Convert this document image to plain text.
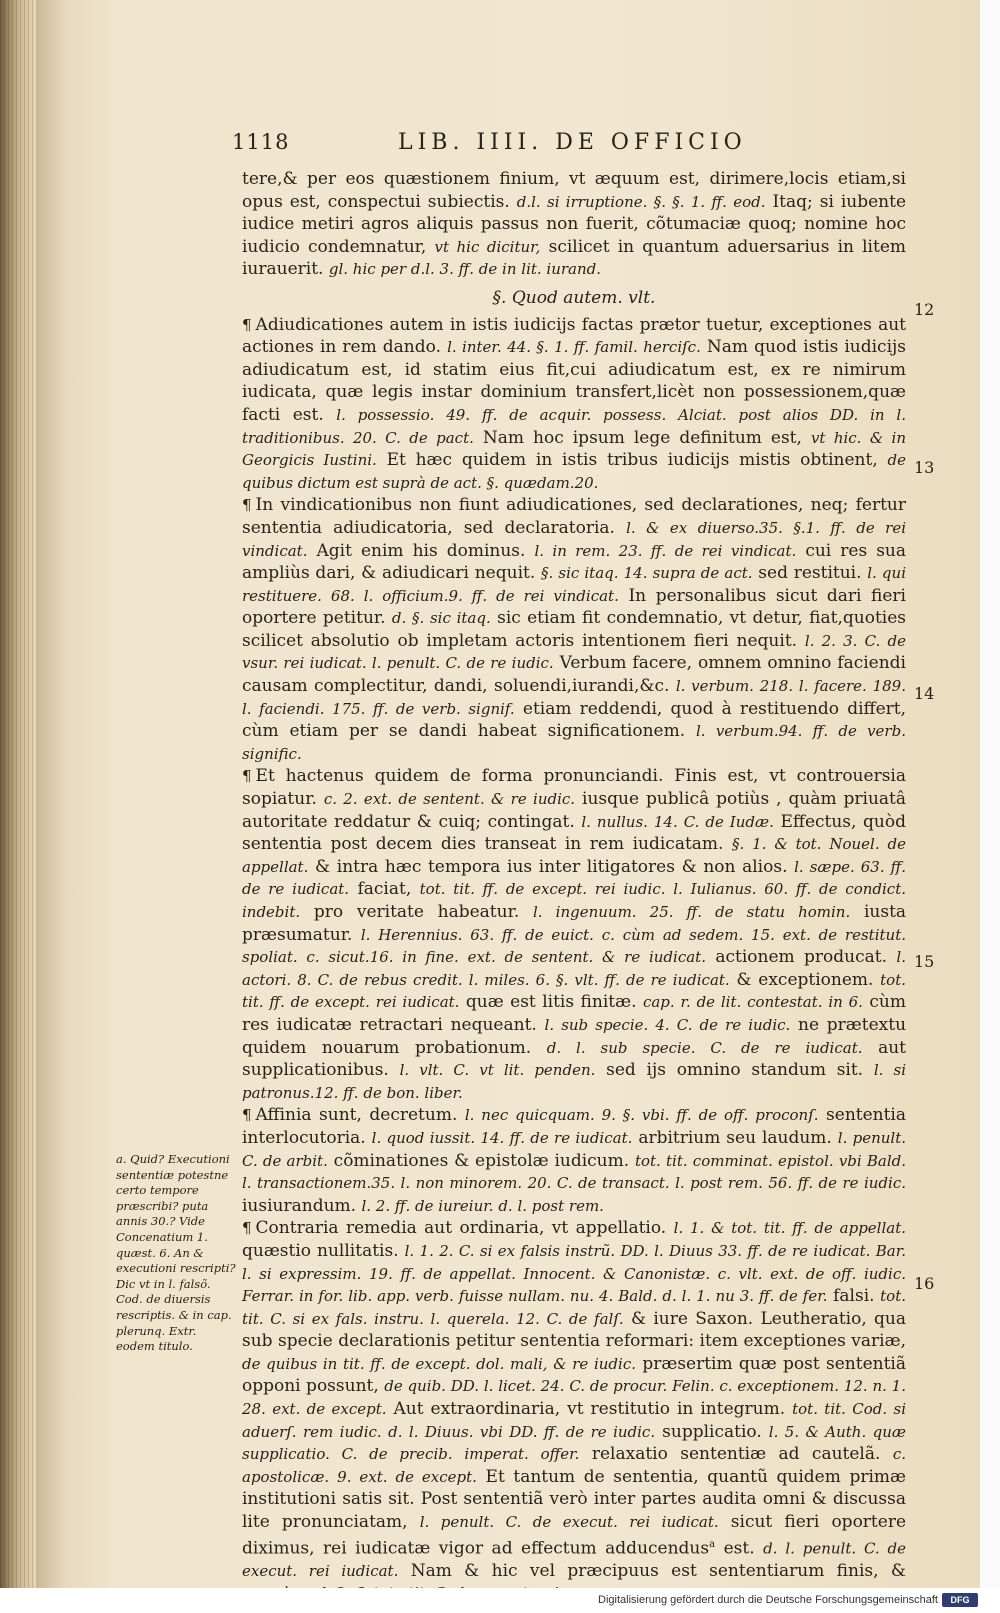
1118	LIB. IIII. DE OFFICIO

tere,& per eos quæstionem finium, vt æquum est, dirimere,locis etiam,si opus est, conspectui subiectis. d.l. si irruptione. §. §. 1. ff. eod. Itaq; si iubente iudice metiri agros aliquis passus non fuerit, cõtumaciæ quoq; nomine hoc iudicio condemnatur, vt hic dicitur, scilicet in quantum aduersarius in litem iurauerit. gl. hic per d.l. 3. ff. de in lit. iurand.

§. Quod autem. vlt.

¶ Adiudicationes autem in istis iudicijs factas prætor tuetur, exceptiones aut actiones in rem dando. l. inter. 44. §. 1. ff. famil. herciſc. Nam quod istis iudicijs adiudicatum est, id statim eius fit,cui adiudicatum est, ex re nimirum iudicata, quæ legis instar dominium transfert,licèt non possessionem,quæ facti est. l. possessio. 49. ff. de acquir. possess. Alciat. post alios DD. in l. traditionibus. 20. C. de pact. Nam hoc ipsum lege definitum est, vt hic. & in Georgicis Iustini. Et hæc quidem in istis tribus iudicijs mistis obtinent, de quibus dictum est suprà de act. §. quædam.20.

¶ In vindicationibus non fiunt adiudicationes, sed declarationes, neq; fertur sententia adiudicatoria, sed declaratoria. l. & ex diuerso.35. §.1. ff. de rei vindicat. Agit enim his dominus. l. in rem. 23. ff. de rei vindicat. cui res sua ampliùs dari, & adiudicari nequit. §. sic itaq. 14. supra de act. sed restitui. l. qui restituere. 68. l. officium.9. ff. de rei vindicat. In personalibus sicut dari fieri oportere petitur. d. §. sic itaq. sic etiam fit condemnatio, vt detur, fiat,quoties scilicet absolutio ob impletam actoris intentionem fieri nequit. l. 2. 3. C. de vsur. rei iudicat. l. penult. C. de re iudic. Verbum facere, omnem omnino faciendi causam complectitur, dandi, soluendi,iurandi,&c. l. verbum. 218. l. facere. 189. l. faciendi. 175. ff. de verb. signif. etiam reddendi, quod à restituendo differt, cùm etiam per se dandi habeat significationem. l. verbum.94. ff. de verb. signific.

¶ Et hactenus quidem de forma pronunciandi. Finis est, vt controuersia sopiatur. c. 2. ext. de sentent. & re iudic. iusque publicâ potiùs , quàm priuatâ autoritate reddatur & cuiq; contingat. l. nullus. 14. C. de Iudæ. Effectus, quòd sententia post decem dies transeat in rem iudicatam. §. 1. & tot. Nouel. de appellat. & intra hæc tempora ius inter litigatores & non alios. l. sæpe. 63. ff. de re iudicat. faciat, tot. tit. ff. de except. rei iudic. l. Iulianus. 60. ff. de condict. indebit. pro veritate habeatur. l. ingenuum. 25. ff. de statu homin. iusta præsumatur. l. Herennius. 63. ff. de euict. c. cùm ad sedem. 15. ext. de restitut. spoliat. c. sicut.16. in fine. ext. de sentent. & re iudicat. actionem producat. l. actori. 8. C. de rebus credit. l. miles. 6. §. vlt. ff. de re iudicat. & exceptionem. tot. tit. ff. de except. rei iudicat. quæ est litis finitæ. cap. r. de lit. contestat. in 6. cùm res iudicatæ retractari nequeant. l. sub specie. 4. C. de re iudic. ne prætextu quidem nouarum probationum. d. l. sub specie. C. de re iudicat. aut supplicationibus. l. vlt. C. vt lit. penden. sed ijs omnino standum sit. l. si patronus.12. ff. de bon. liber.

¶ Affinia sunt, decretum. l. nec quicquam. 9. §. vbi. ff. de off. proconſ. sententia interlocutoria. l. quod iussit. 14. ff. de re iudicat. arbitrium seu laudum. l. penult. C. de arbit. cõminationes & epistolæ iudicum. tot. tit. comminat. epistol. vbi Bald. l. transactionem.35. l. non minorem. 20. C. de transact. l. post rem. 56. ff. de re iudic. iusiurandum. l. 2. ff. de iureiur. d. l. post rem.

¶ Contraria remedia aut ordinaria, vt appellatio. l. 1. & tot. tit. ff. de appellat. quæstio nullitatis. l. 1. 2. C. si ex falsis instrũ. DD. l. Diuus 33. ff. de re iudicat. Bar. l. si expressim. 19. ff. de appellat. Innocent. & Canonistæ. c. vlt. ext. de off. iudic. Ferrar. in for. lib. app. verb. fuisse nullam. nu. 4. Bald. d. l. 1. nu 3. ff. de fer. falsi. tot. tit. C. si ex fals. instru. l. querela. 12. C. de falſ. & iure Saxon. Leutheratio, qua sub specie declarationis petitur sententia reformari: item exceptiones variæ, de quibus in tit. ff. de except. dol. mali, & re iudic. præsertim quæ post sententiã opponi possunt, de quib. DD. l. licet. 24. C. de procur. Felin. c. exceptionem. 12. n. 1. 28. ext. de except. Aut extraordinaria, vt restitutio in integrum. tot. tit. Cod. si aduerſ. rem iudic. d. l. Diuus. vbi DD. ff. de re iudic. supplicatio. l. 5. & Auth. quæ supplicatio. C. de precib. imperat. offer. relaxatio sententiæ ad cautelã. c. apostolicæ. 9. ext. de except. Et tantum de sententia, quantũ quidem primæ institutioni satis sit. Post sententiã verò inter partes audita omni & discussa lite pronunciatam, l. penult. C. de execut. rei iudicat. sicut fieri oportere diximus, rei iudicatæ vigor ad effectum adducendus$^a$ est. d. l. penult. C. de execut. rei iudicat. Nam & hic vel præcipuus est sententiarum finis, &

12
13
14
15
16
a. Quid? Executioni sententiæ potestne certo tempore præscribi? puta annis 30.? Vide Concenatium 1. quæst. 6. An & executioni rescripti? Dic vt in l. falsõ. Cod. de diuersis rescriptis. & in cap. plerunq. Extr. eodem titulo.
Digitalisierung gefördert durch die Deutsche Forschungsgemeinschaft	DFG
